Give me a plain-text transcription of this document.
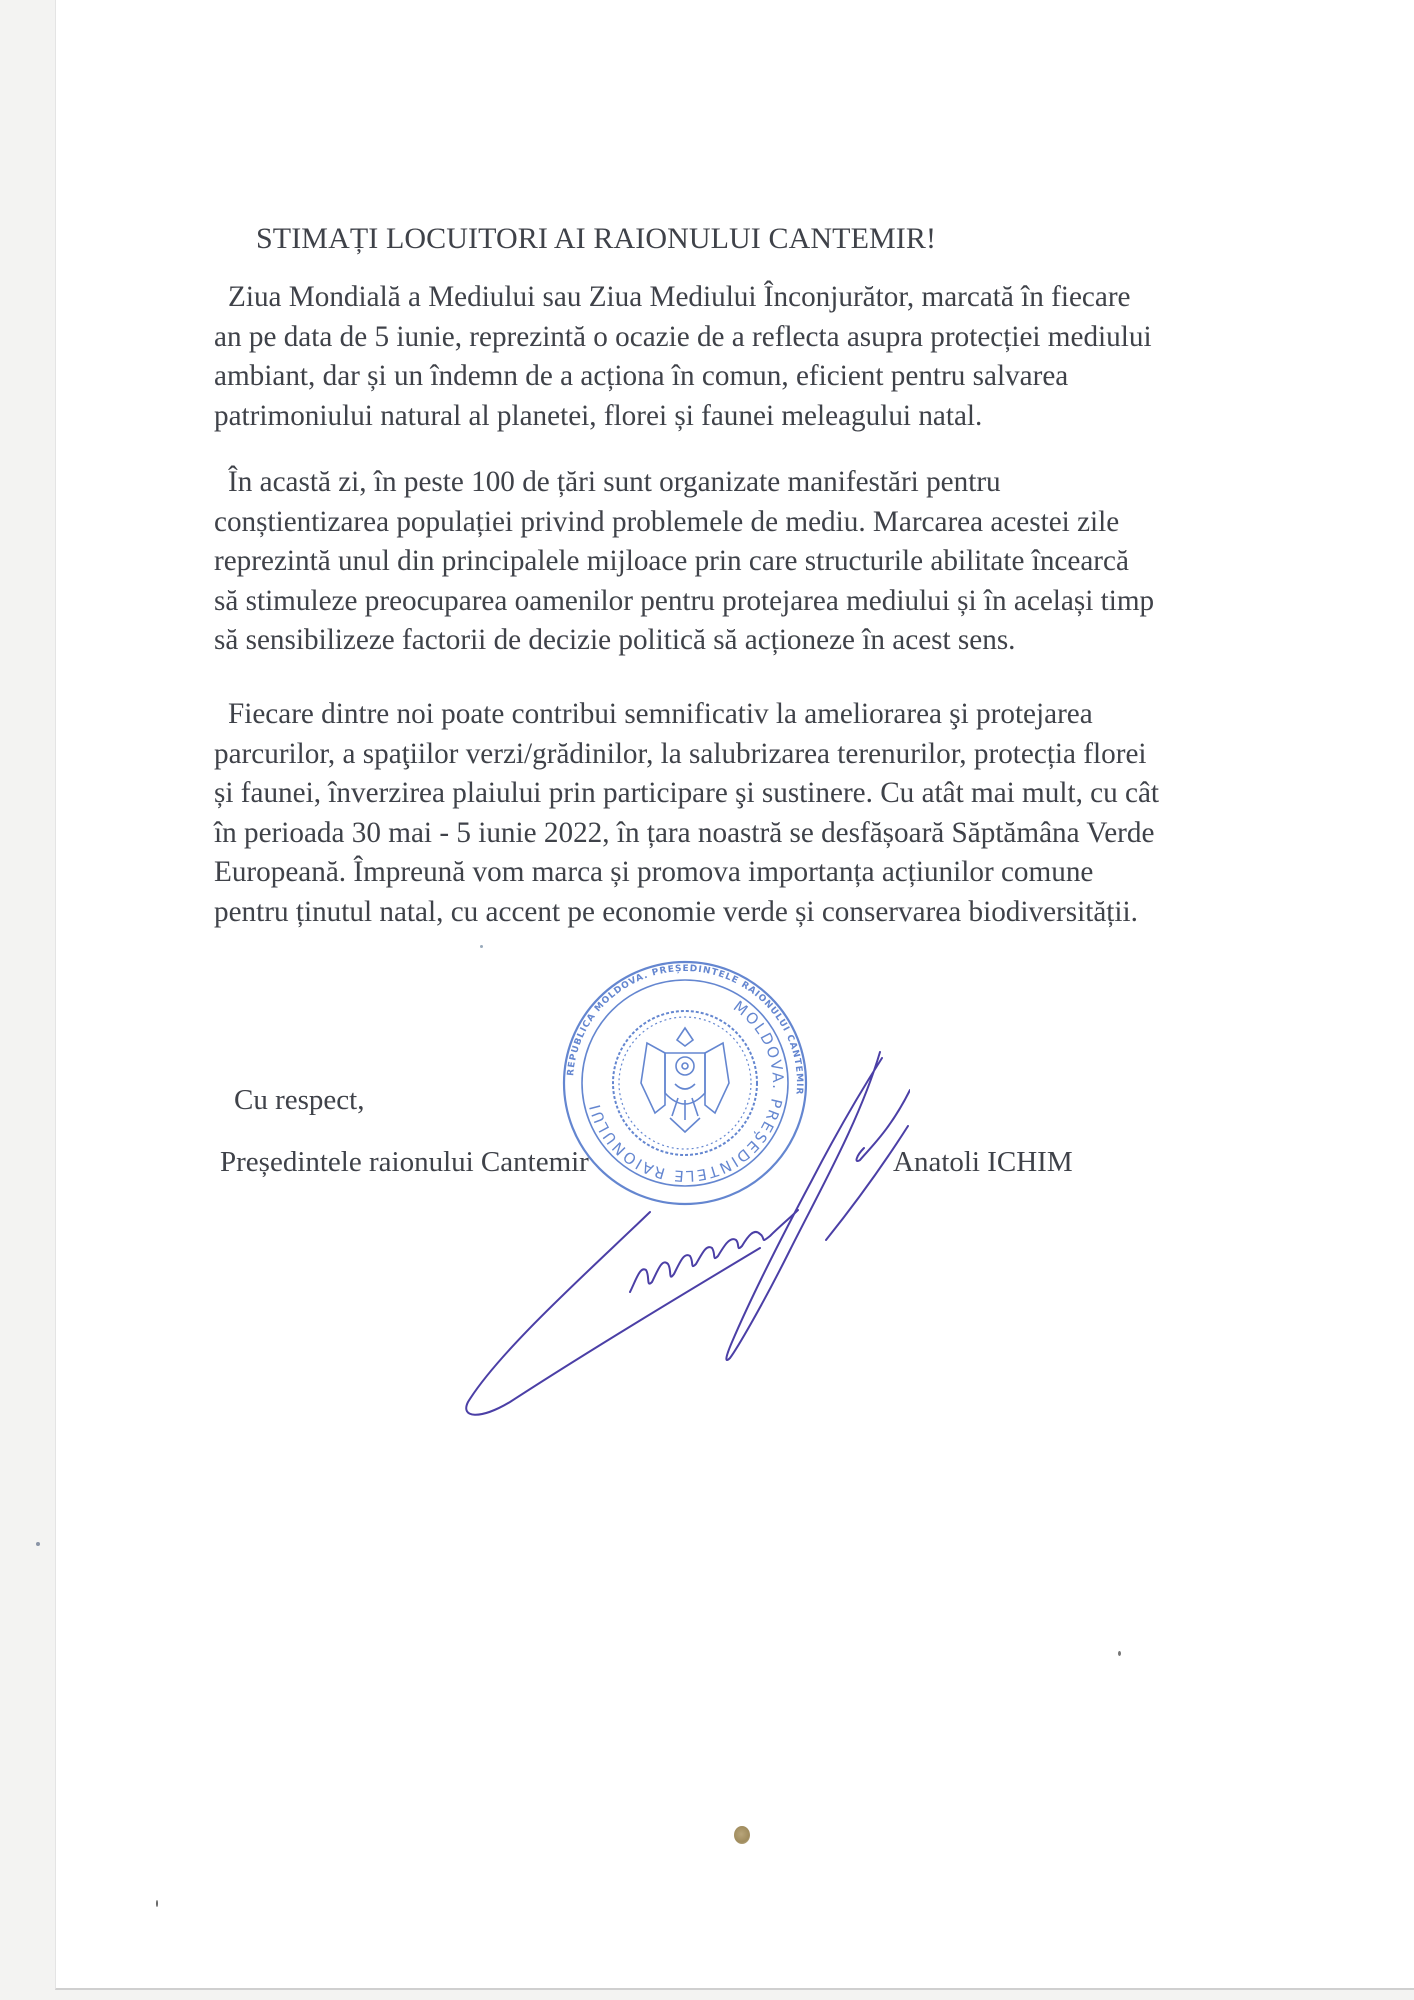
STIMAȚI LOCUITORI AI RAIONULUI CANTEMIR!
Ziua Mondială a Mediului sau Ziua Mediului Înconjurător, marcată în fiecare
an pe data de 5 iunie, reprezintă o ocazie de a reflecta asupra protecției mediului
ambiant, dar și un îndemn de a acționa în comun, eficient pentru salvarea
patrimoniului natural al planetei, florei și faunei meleagului natal.
În acastă zi, în peste 100 de țări sunt organizate manifestări pentru
conștientizarea populației privind problemele de mediu. Marcarea acestei zile
reprezintă unul din principalele mijloace prin care structurile abilitate încearcă
să stimuleze preocuparea oamenilor pentru protejarea mediului și în același timp
să sensibilizeze factorii de decizie politică să acționeze în acest sens.
Fiecare dintre noi poate contribui semnificativ la ameliorarea şi protejarea
parcurilor, a spaţiilor verzi/grădinilor, la salubrizarea terenurilor, protecția florei
și faunei, înverzirea plaiului prin participare şi sustinere. Cu atât mai mult, cu cât
în perioada 30 mai - 5 iunie 2022, în țara noastră se desfășoară Săptămâna Verde
Europeană. Împreună vom marca și promova importanța acțiunilor comune
pentru ținutul natal, cu accent pe economie verde și conservarea biodiversității.
REPUBLICA MOLDOVA. PREȘEDINTELE RAIONULUI CANTEMIR
MOLDOVA. PREȘEDINTELE RAIONULUI
Cu respect,
Președintele raionului Cantemir	Anatoli ICHIM
